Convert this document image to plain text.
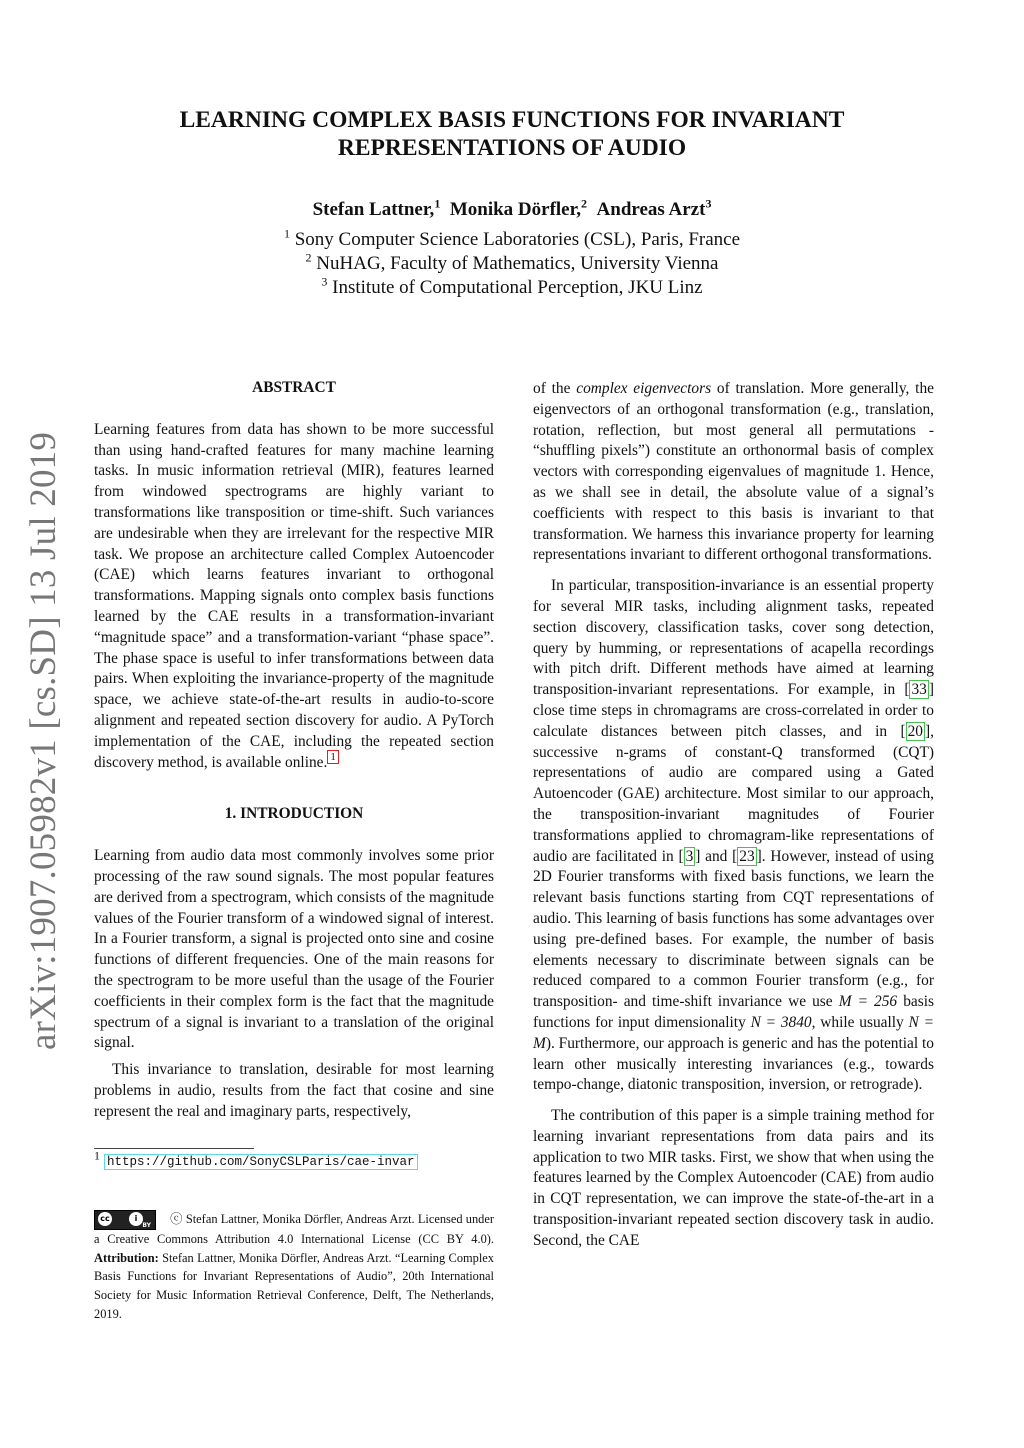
arXiv:1907.05982v1 [cs.SD] 13 Jul 2019
LEARNING COMPLEX BASIS FUNCTIONS FOR INVARIANT
REPRESENTATIONS OF AUDIO
Stefan Lattner,$^1$ Monika Dörfler,$^2$ Andreas Arzt$^3$
$^1$ Sony Computer Science Laboratories (CSL), Paris, France
$^2$ NuHAG, Faculty of Mathematics, University Vienna
$^3$ Institute of Computational Perception, JKU Linz
ABSTRACT

Learning features from data has shown to be more successful than using hand-crafted features for many machine learning tasks. In music information retrieval (MIR), features learned from windowed spectrograms are highly variant to transformations like transposition or time-shift. Such variances are undesirable when they are irrelevant for the respective MIR task. We propose an architecture called Complex Autoencoder (CAE) which learns features invariant to orthogonal transformations. Mapping signals onto complex basis functions learned by the CAE results in a transformation-invariant “magnitude space” and a transformation-variant “phase space”. The phase space is useful to infer transformations between data pairs. When exploiting the invariance-property of the magnitude space, we achieve state-of-the-art results in audio-to-score alignment and repeated section discovery for audio. A PyTorch implementation of the CAE, including the repeated section discovery method, is available online. $^1$

1. INTRODUCTION

Learning from audio data most commonly involves some prior processing of the raw sound signals. The most popular features are derived from a spectrogram, which consists of the magnitude values of the Fourier transform of a windowed signal of interest. In a Fourier transform, a signal is projected onto sine and cosine functions of different frequencies. One of the main reasons for the spectrogram to be more useful than the usage of the Fourier coefficients in their complex form is the fact that the magnitude spectrum of a signal is invariant to a translation of the original signal.

This invariance to translation, desirable for most learning problems in audio, results from the fact that cosine and sine represent the real and imaginary parts, respectively,

$^1$ https://github.com/SonyCSLParis/cae-invar
cc	i
BY ⓒ Stefan Lattner, Monika Dörfler, Andreas Arzt. Licensed under a Creative Commons Attribution 4.0 International License (CC BY 4.0). Attribution: Stefan Lattner, Monika Dörfler, Andreas Arzt. “Learning Complex Basis Functions for Invariant Representations of Audio”, 20th International Society for Music Information Retrieval Conference, Delft, The Netherlands, 2019.

of the complex eigenvectors of translation. More generally, the eigenvectors of an orthogonal transformation (e.g., translation, rotation, reflection, but most general all permutations - “shuffling pixels”) constitute an orthonormal basis of complex vectors with corresponding eigenvalues of magnitude 1. Hence, as we shall see in detail, the absolute value of a signal’s coefficients with respect to this basis is invariant to that transformation. We harness this invariance property for learning representations invariant to different orthogonal transformations.

In particular, transposition-invariance is an essential property for several MIR tasks, including alignment tasks, repeated section discovery, classification tasks, cover song detection, query by humming, or representations of acapella recordings with pitch drift. Different methods have aimed at learning transposition-invariant representations. For example, in [ 33 ] close time steps in chromagrams are cross-correlated in order to calculate distances between pitch classes, and in [ 20 ], successive n-grams of constant-Q transformed (CQT) representations of audio are compared using a Gated Autoencoder (GAE) architecture. Most similar to our approach, the transposition-invariant magnitudes of Fourier transformations applied to chromagram-like representations of audio are facilitated in [ 3 ] and [ 23 ]. However, instead of using 2D Fourier transforms with fixed basis functions, we learn the relevant basis functions starting from CQT representations of audio. This learning of basis functions has some advantages over using pre-defined bases. For example, the number of basis elements necessary to discriminate between signals can be reduced compared to a common Fourier transform (e.g., for transposition- and time-shift invariance we use M = 256 basis functions for input dimensionality N = 3840, while usually N = M). Furthermore, our approach is generic and has the potential to learn other musically interesting invariances (e.g., towards tempo-change, diatonic transposition, inversion, or retrograde).

The contribution of this paper is a simple training method for learning invariant representations from data pairs and its application to two MIR tasks. First, we show that when using the features learned by the Complex Autoencoder (CAE) from audio in CQT representation, we can improve the state-of-the-art in a transposition-invariant repeated section discovery task in audio. Second, the CAE
